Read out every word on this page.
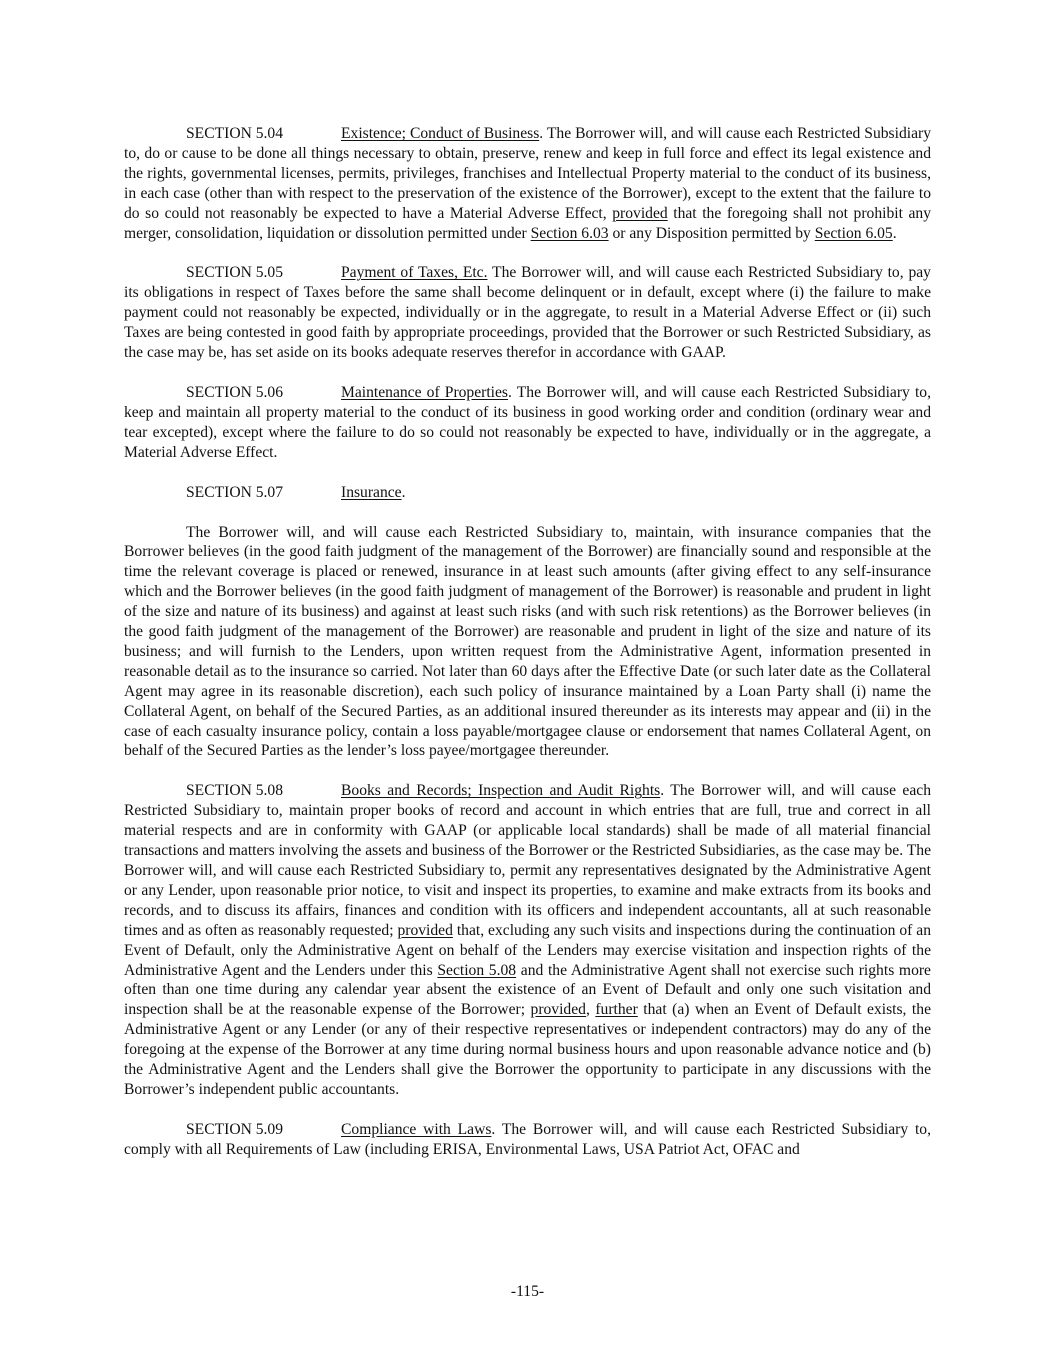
SECTION 5.04	Existence; Conduct of Business. The Borrower will, and will cause each Restricted Subsidiary to, do or cause to be done all things necessary to obtain, preserve, renew and keep in full force and effect its legal existence and the rights, governmental licenses, permits, privileges, franchises and Intellectual Property material to the conduct of its business, in each case (other than with respect to the preservation of the existence of the Borrower), except to the extent that the failure to do so could not reasonably be expected to have a Material Adverse Effect, provided that the foregoing shall not prohibit any merger, consolidation, liquidation or dissolution permitted under Section 6.03 or any Disposition permitted by Section 6.05.

SECTION 5.05	Payment of Taxes, Etc. The Borrower will, and will cause each Restricted Subsidiary to, pay its obligations in respect of Taxes before the same shall become delinquent or in default, except where (i) the failure to make payment could not reasonably be expected, individually or in the aggregate, to result in a Material Adverse Effect or (ii) such Taxes are being contested in good faith by appropriate proceedings, provided that the Borrower or such Restricted Subsidiary, as the case may be, has set aside on its books adequate reserves therefor in accordance with GAAP.

SECTION 5.06	Maintenance of Properties. The Borrower will, and will cause each Restricted Subsidiary to, keep and maintain all property material to the conduct of its business in good working order and condition (ordinary wear and tear excepted), except where the failure to do so could not reasonably be expected to have, individually or in the aggregate, a Material Adverse Effect.

SECTION 5.07	Insurance.

The Borrower will, and will cause each Restricted Subsidiary to, maintain, with insurance companies that the Borrower believes (in the good faith judgment of the management of the Borrower) are financially sound and responsible at the time the relevant coverage is placed or renewed, insurance in at least such amounts (after giving effect to any self-insurance which and the Borrower believes (in the good faith judgment of management of the Borrower) is reasonable and prudent in light of the size and nature of its business) and against at least such risks (and with such risk retentions) as the Borrower believes (in the good faith judgment of the management of the Borrower) are reasonable and prudent in light of the size and nature of its business; and will furnish to the Lenders, upon written request from the Administrative Agent, information presented in reasonable detail as to the insurance so carried. Not later than 60 days after the Effective Date (or such later date as the Collateral Agent may agree in its reasonable discretion), each such policy of insurance maintained by a Loan Party shall (i) name the Collateral Agent, on behalf of the Secured Parties, as an additional insured thereunder as its interests may appear and (ii) in the case of each casualty insurance policy, contain a loss payable/mortgagee clause or endorsement that names Collateral Agent, on behalf of the Secured Parties as the lender’s loss payee/mortgagee thereunder.

SECTION 5.08	Books and Records; Inspection and Audit Rights. The Borrower will, and will cause each Restricted Subsidiary to, maintain proper books of record and account in which entries that are full, true and correct in all material respects and are in conformity with GAAP (or applicable local standards) shall be made of all material financial transactions and matters involving the assets and business of the Borrower or the Restricted Subsidiaries, as the case may be. The Borrower will, and will cause each Restricted Subsidiary to, permit any representatives designated by the Administrative Agent or any Lender, upon reasonable prior notice, to visit and inspect its properties, to examine and make extracts from its books and records, and to discuss its affairs, finances and condition with its officers and independent accountants, all at such reasonable times and as often as reasonably requested; provided that, excluding any such visits and inspections during the continuation of an Event of Default, only the Administrative Agent on behalf of the Lenders may exercise visitation and inspection rights of the Administrative Agent and the Lenders under this Section 5.08 and the Administrative Agent shall not exercise such rights more often than one time during any calendar year absent the existence of an Event of Default and only one such visitation and inspection shall be at the reasonable expense of the Borrower; provided, further that (a) when an Event of Default exists, the Administrative Agent or any Lender (or any of their respective representatives or independent contractors) may do any of the foregoing at the expense of the Borrower at any time during normal business hours and upon reasonable advance notice and (b) the Administrative Agent and the Lenders shall give the Borrower the opportunity to participate in any discussions with the Borrower’s independent public accountants.

SECTION 5.09	Compliance with Laws. The Borrower will, and will cause each Restricted Subsidiary to, comply with all Requirements of Law (including ERISA, Environmental Laws, USA Patriot Act, OFAC and

-115-
